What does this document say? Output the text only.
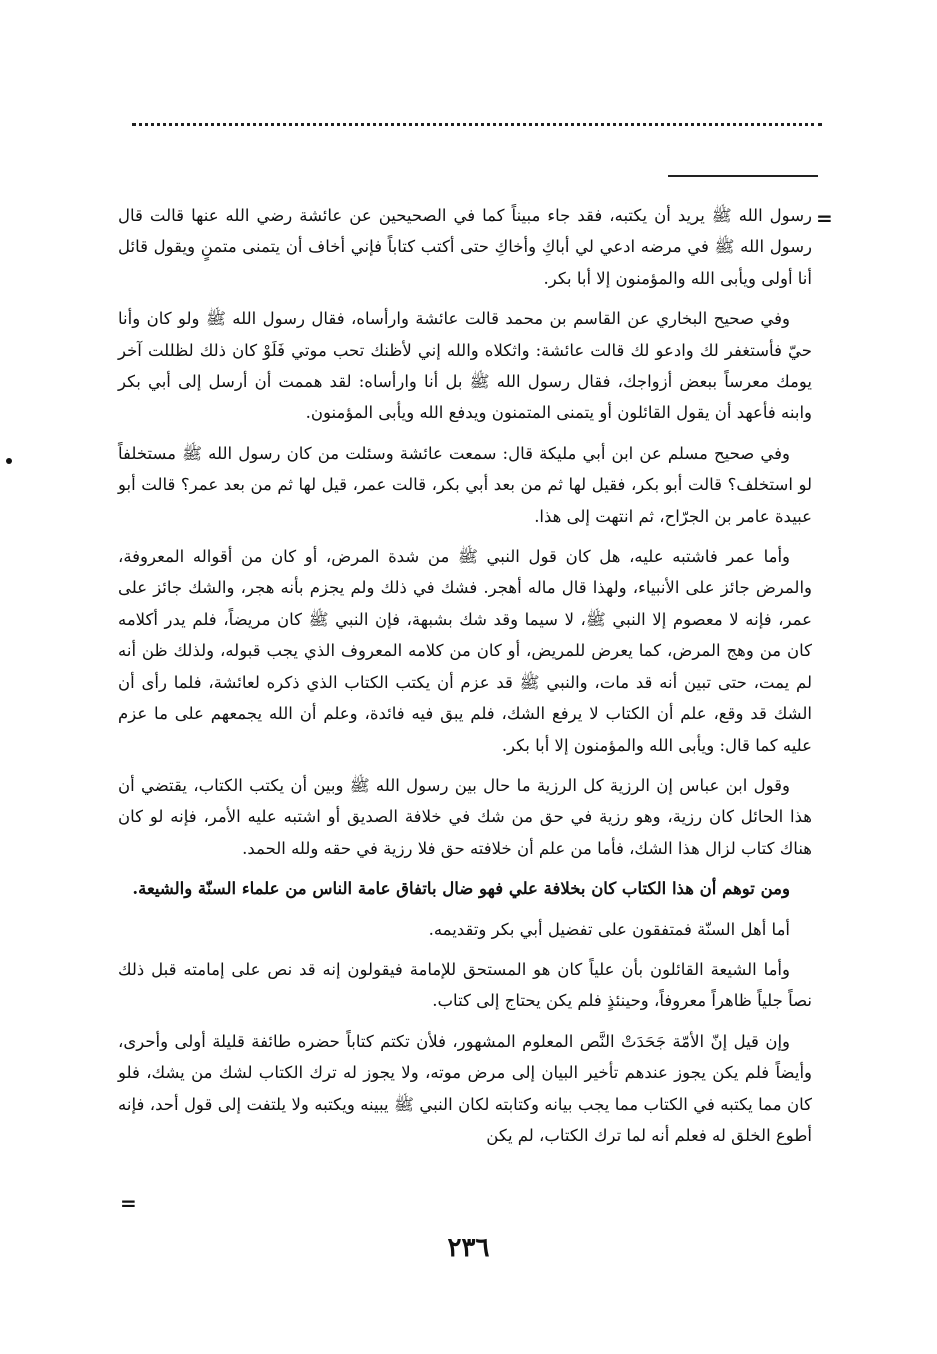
=

رسول الله ﷺ يريد أن يكتبه، فقد جاء مبيناً كما في الصحيحين عن عائشة رضي الله عنها قالت قال رسول الله ﷺ في مرضه ادعي لي أباكِ وأخاكِ حتى أكتب كتاباً فإني أخاف أن يتمنى متمنٍ ويقول قائل أنا أولى ويأبى الله والمؤمنون إلا أبا بكر.

وفي صحيح البخاري عن القاسم بن محمد قالت عائشة وارأساه، فقال رسول الله ﷺ ولو كان وأنا حيّ فأستغفر لك وادعو لك قالت عائشة: واثكلاه والله إني لأظنك تحب موتي فَلَوْ كان ذلك لظللت آخر يومك معرساً ببعض أزواجك، فقال رسول الله ﷺ بل أنا وارأساه: لقد هممت أن أرسل إلى أبي بكر وابنه فأعهد أن يقول القائلون أو يتمنى المتمنون ويدفع الله ويأبى المؤمنون.

وفي صحيح مسلم عن ابن أبي مليكة قال: سمعت عائشة وسئلت من كان رسول الله ﷺ مستخلفاً لو استخلف؟ قالت أبو بكر، فقيل لها ثم من بعد أبي بكر، قالت عمر، قيل لها ثم من بعد عمر؟ قالت أبو عبيدة عامر بن الجرّاح، ثم انتهت إلى هذا.

وأما عمر فاشتبه عليه، هل كان قول النبي ﷺ من شدة المرض، أو كان من أقواله المعروفة، والمرض جائز على الأنبياء، ولهذا قال ماله أهجر. فشك في ذلك ولم يجزم بأنه هجر، والشك جائز على عمر، فإنه لا معصوم إلا النبي ﷺ، لا سيما وقد شك بشبهة، فإن النبي ﷺ كان مريضاً، فلم يدر أكلامه كان من وهج المرض، كما يعرض للمريض، أو كان من كلامه المعروف الذي يجب قبوله، ولذلك ظن أنه لم يمت، حتى تبين أنه قد مات، والنبي ﷺ قد عزم أن يكتب الكتاب الذي ذكره لعائشة، فلما رأى أن الشك قد وقع، علم أن الكتاب لا يرفع الشك، فلم يبق فيه فائدة، وعلم أن الله يجمعهم على ما عزم عليه كما قال: ويأبى الله والمؤمنون إلا أبا بكر.

وقول ابن عباس إن الرزية كل الرزية ما حال بين رسول الله ﷺ وبين أن يكتب الكتاب، يقتضي أن هذا الحائل كان رزية، وهو رزية في حق من شك في خلافة الصديق أو اشتبه عليه الأمر، فإنه لو كان هناك كتاب لزال هذا الشك، فأما من علم أن خلافته حق فلا رزية في حقه ولله الحمد.

ومن توهم أن هذا الكتاب كان بخلافة علي فهو ضال باتفاق عامة الناس من علماء السنّة والشيعة.

أما أهل السنّة فمتفقون على تفضيل أبي بكر وتقديمه.

وأما الشيعة القائلون بأن علياً كان هو المستحق للإمامة فيقولون إنه قد نص على إمامته قبل ذلك نصاً جلياً ظاهراً معروفاً، وحينئذٍ فلم يكن يحتاج إلى كتاب.

وإن قيل إنّ الأمّة جَحَدَتْ النَّص المعلوم المشهور، فلأن تكتم كتاباً حضره طائفة قليلة أولى وأحرى، وأيضاً فلم يكن يجوز عندهم تأخير البيان إلى مرض موته، ولا يجوز له ترك الكتاب لشك من يشك، فلو كان مما يكتبه في الكتاب مما يجب بيانه وكتابته لكان النبي ﷺ يبينه ويكتبه ولا يلتفت إلى قول أحد، فإنه أطوع الخلق له فعلم أنه لما ترك الكتاب، لم يكن

=
٢٣٦
